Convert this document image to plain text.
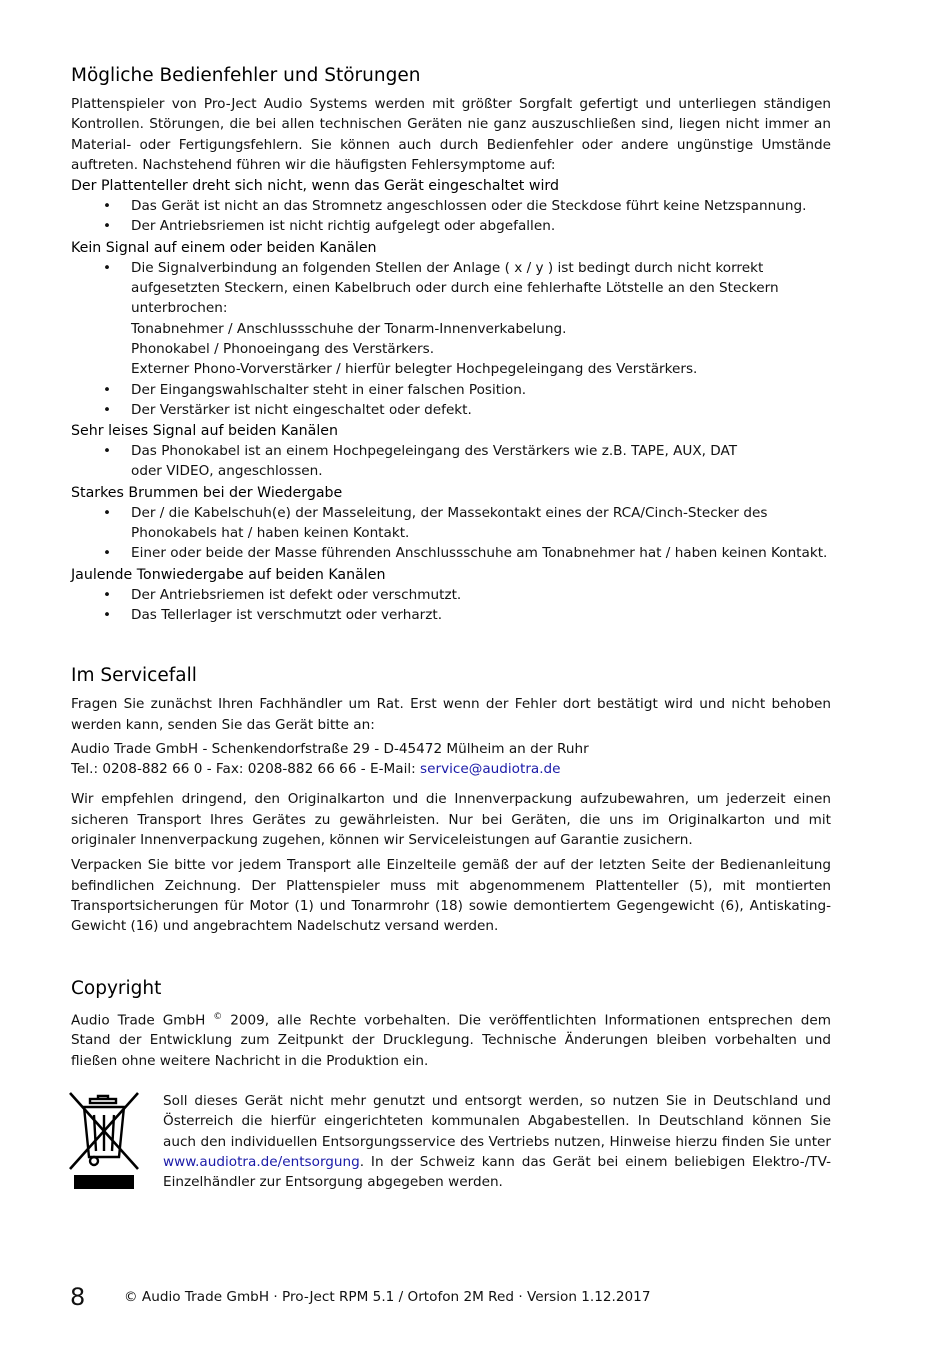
Mögliche Bedienfehler und Störungen

Plattenspieler von Pro-Ject Audio Systems werden mit größter Sorgfalt gefertigt und unterliegen ständigen Kontrollen. Störungen, die bei allen technischen Geräten nie ganz auszuschließen sind, liegen nicht immer an Material- oder Fertigungsfehlern. Sie können auch durch Bedienfehler oder andere ungünstige Umstände auftreten. Nachstehend führen wir die häufigsten Fehlersymptome auf:

Der Plattenteller dreht sich nicht, wenn das Gerät eingeschaltet wird
• Das Gerät ist nicht an das Stromnetz angeschlossen oder die Steckdose führt keine Netzspannung.
• Der Antriebsriemen ist nicht richtig aufgelegt oder abgefallen.
Kein Signal auf einem oder beiden Kanälen
• Die Signalverbindung an folgenden Stellen der Anlage ( x / y ) ist bedingt durch nicht korrekt
aufgesetzten Steckern, einen Kabelbruch oder durch eine fehlerhafte Lötstelle an den Steckern
unterbrochen:
Tonabnehmer / Anschlussschuhe der Tonarm-Innenverkabelung.
Phonokabel / Phonoeingang des Verstärkers.
Externer Phono-Vorverstärker / hierfür belegter Hochpegeleingang des Verstärkers.
• Der Eingangswahlschalter steht in einer falschen Position.
• Der Verstärker ist nicht eingeschaltet oder defekt.
Sehr leises Signal auf beiden Kanälen
• Das Phonokabel ist an einem Hochpegeleingang des Verstärkers wie z.B. TAPE, AUX, DAT
oder VIDEO, angeschlossen.
Starkes Brummen bei der Wiedergabe
• Der / die Kabelschuh(e) der Masseleitung, der Massekontakt eines der RCA/Cinch-Stecker des
Phonokabels hat / haben keinen Kontakt.
• Einer oder beide der Masse führenden Anschlussschuhe am Tonabnehmer hat / haben keinen Kontakt.
Jaulende Tonwiedergabe auf beiden Kanälen
• Der Antriebsriemen ist defekt oder verschmutzt.
• Das Tellerlager ist verschmutzt oder verharzt.
Im Servicefall

Fragen Sie zunächst Ihren Fachhändler um Rat. Erst wenn der Fehler dort bestätigt wird und nicht behoben werden kann, senden Sie das Gerät bitte an:

Audio Trade GmbH - Schenkendorfstraße 29 - D-45472 Mülheim an der Ruhr

Tel.: 0208-882 66 0 - Fax: 0208-882 66 66 - E-Mail: service@audiotra.de

Wir empfehlen dringend, den Originalkarton und die Innenverpackung aufzubewahren, um jederzeit einen sicheren Transport Ihres Gerätes zu gewährleisten. Nur bei Geräten, die uns im Originalkarton und mit originaler Innenverpackung zugehen, können wir Serviceleistungen auf Garantie zusichern.

Verpacken Sie bitte vor jedem Transport alle Einzelteile gemäß der auf der letzten Seite der Bedienanleitung befindlichen Zeichnung. Der Plattenspieler muss mit abgenommenem Plattenteller (5), mit montierten Transportsicherungen für Motor (1) und Tonarmrohr (18) sowie demontiertem Gegengewicht (6), Antiskating-Gewicht (16) und angebrachtem Nadelschutz versand werden.

Copyright

Audio Trade GmbH © 2009, alle Rechte vorbehalten. Die veröffentlichten Informationen entsprechen dem Stand der Entwicklung zum Zeitpunkt der Drucklegung. Technische Änderungen bleiben vorbehalten und fließen ohne weitere Nachricht in die Produktion ein.

Soll dieses Gerät nicht mehr genutzt und entsorgt werden, so nutzen Sie in Deutschland und Österreich die hierfür eingerichteten kommunalen Abgabestellen. In Deutschland können Sie auch den individuellen Entsorgungsservice des Vertriebs nutzen, Hinweise hierzu finden Sie unter www.audiotra.de/entsorgung. In der Schweiz kann das Gerät bei einem beliebigen Elektro-/TV-Einzelhändler zur Entsorgung abgegeben werden.

8	© Audio Trade GmbH · Pro-Ject RPM 5.1 / Ortofon 2M Red · Version 1.12.2017
